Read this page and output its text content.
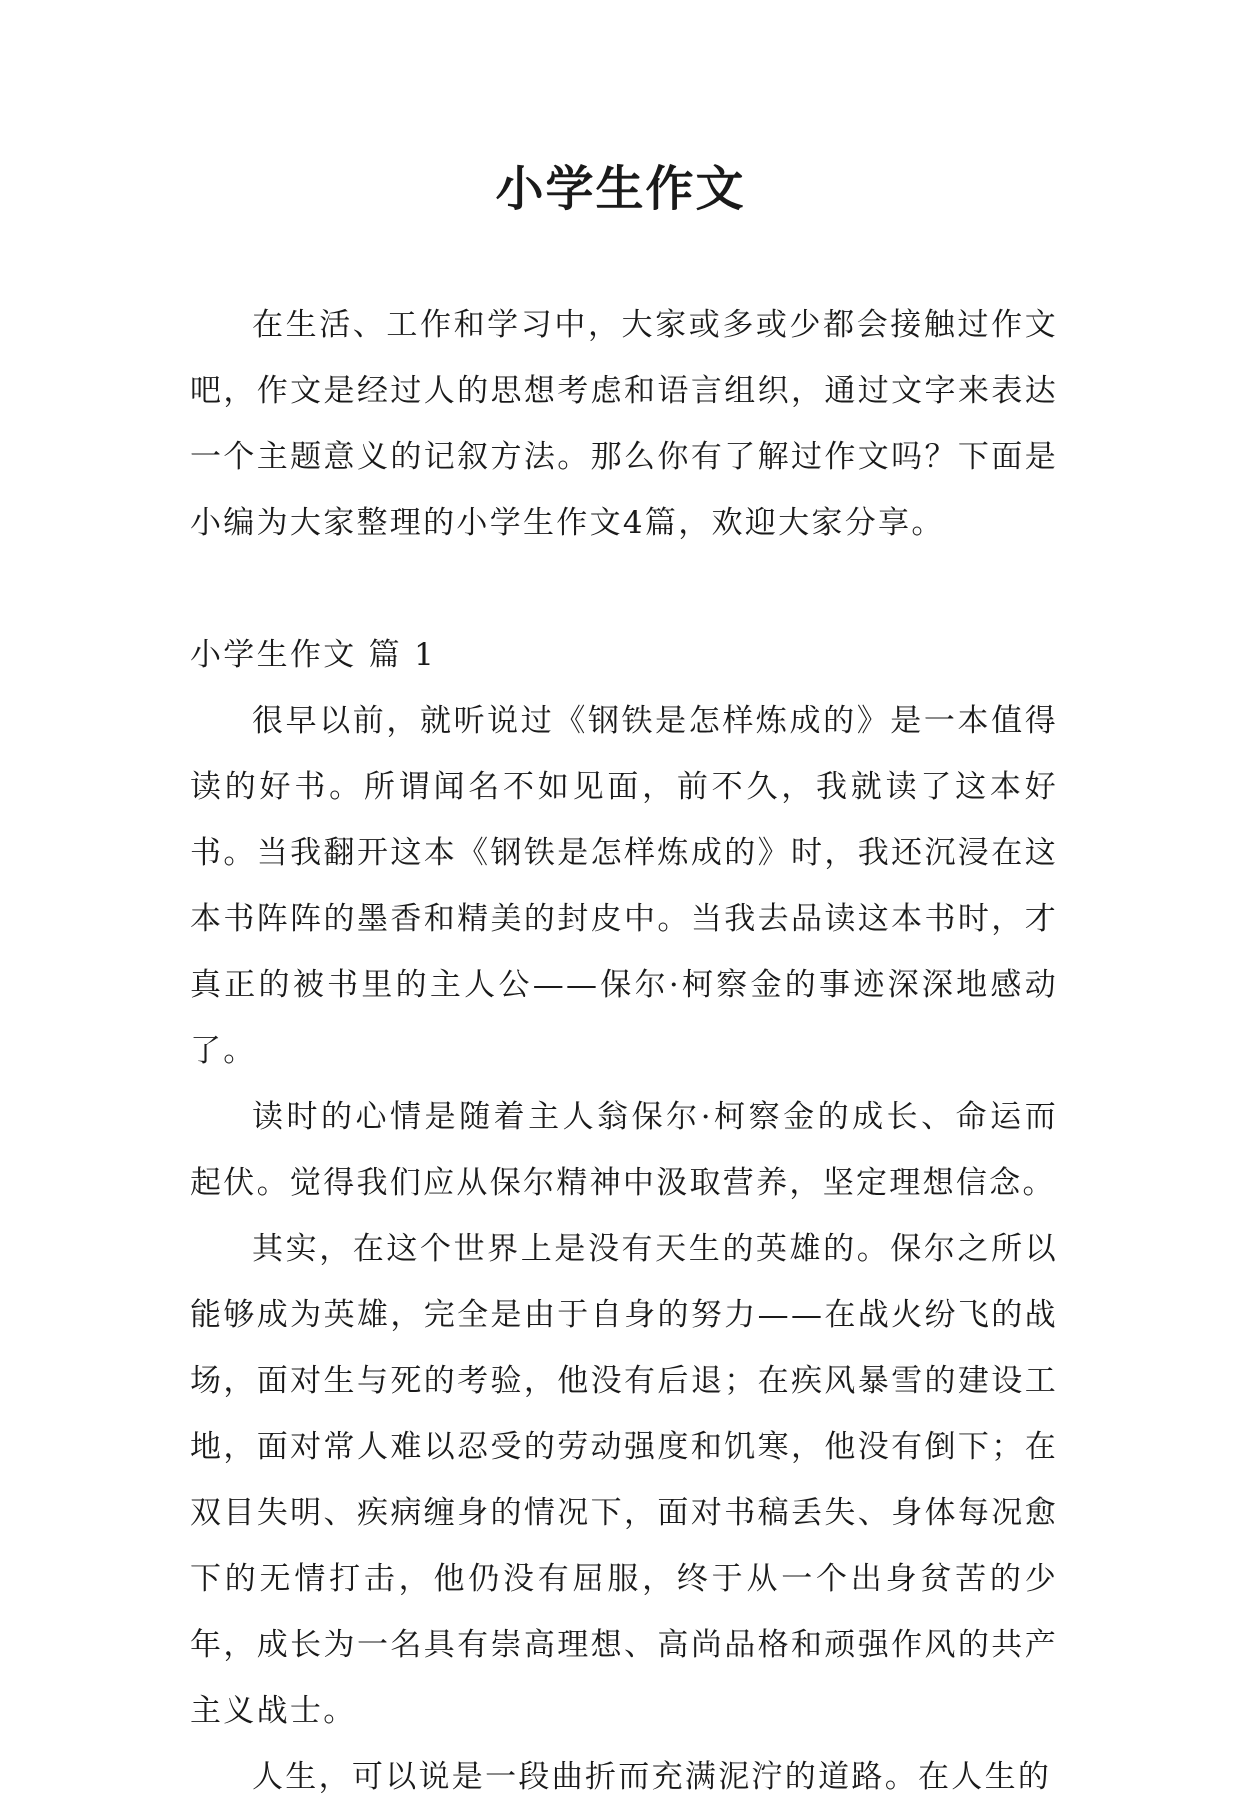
小学生作文

在生活、工作和学习中，大家或多或少都会接触过作文吧，作文是经过人的思想考虑和语言组织，通过文字来表达一个主题意义的记叙方法。那么你有了解过作文吗？下面是小编为大家整理的小学生作文4篇，欢迎大家分享。

小学生作文 篇 1

很早以前，就听说过《钢铁是怎样炼成的》是一本值得读的好书。所谓闻名不如见面，前不久，我就读了这本好书。当我翻开这本《钢铁是怎样炼成的》时，我还沉浸在这本书阵阵的墨香和精美的封皮中。当我去品读这本书时，才真正的被书里的主人公——保尔·柯察金的事迹深深地感动了。

读时的心情是随着主人翁保尔·柯察金的成长、命运而起伏。觉得我们应从保尔精神中汲取营养，坚定理想信念。

其实，在这个世界上是没有天生的英雄的。保尔之所以能够成为英雄，完全是由于自身的努力——在战火纷飞的战场，面对生与死的考验，他没有后退；在疾风暴雪的建设工地，面对常人难以忍受的劳动强度和饥寒，他没有倒下；在双目失明、疾病缠身的情况下，面对书稿丢失、身体每况愈下的无情打击，他仍没有屈服，终于从一个出身贫苦的少年，成长为一名具有崇高理想、高尚品格和顽强作风的共产主义战士。

人生，可以说是一段曲折而充满泥泞的道路。在人生的
